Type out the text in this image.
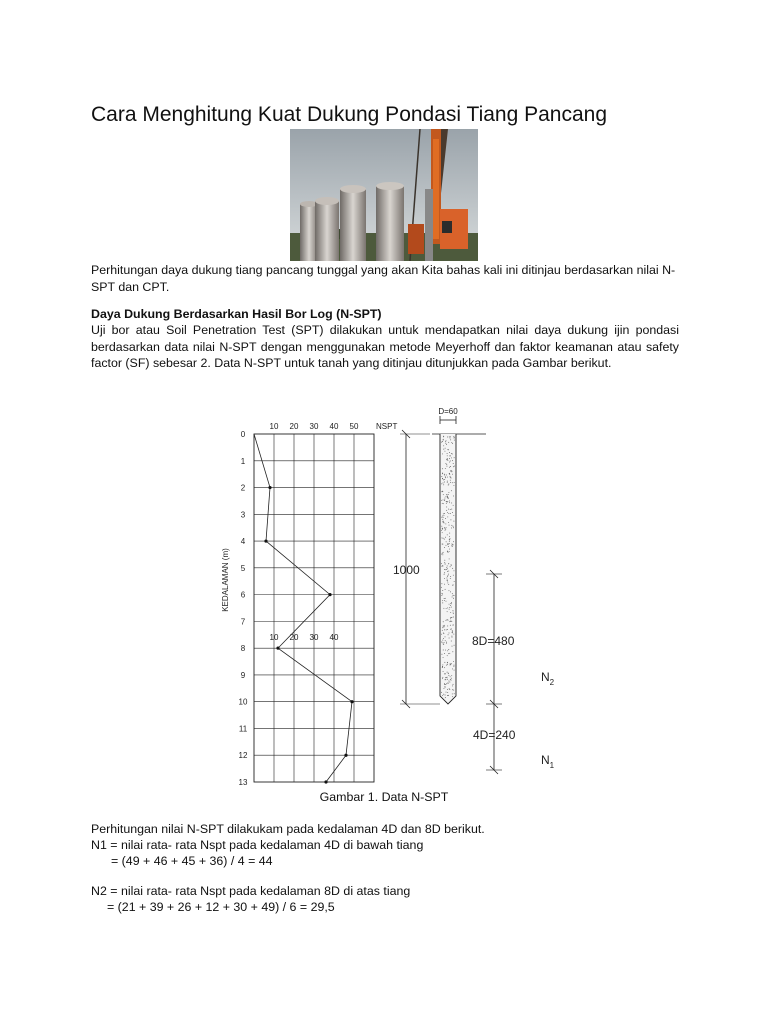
Cara Menghitung Kuat Dukung Pondasi Tiang Pancang
Perhitungan daya dukung tiang pancang tunggal yang akan Kita bahas kali ini ditinjau berdasarkan nilai N-SPT dan CPT.
Daya Dukung Berdasarkan Hasil Bor Log (N-SPT)
Uji bor atau Soil Penetration Test (SPT) dilakukan untuk mendapatkan nilai daya dukung ijin pondasi berdasarkan data nilai N-SPT dengan menggunakan metode Meyerhoff dan faktor keamanan atau safety factor (SF) sebesar 2. Data N-SPT untuk tanah yang ditinjau ditunjukkan pada Gambar berikut.
KEDALAMAN (m)
10 20 30 40 50
10 20 30 40
0
1
2
3
4
5
6
7
8
9
10
11
12
13
NSPT
D=60
1000
8D=480
4D=240
$N_2$
$N_1$
Gambar 1. Data N-SPT
Perhitungan nilai N-SPT dilakukam pada kedalaman 4D dan 8D berikut.
N1 = nilai rata- rata Nspt pada kedalaman 4D di bawah tiang
= (49 + 46 + 45 + 36) / 4 = 44
N2 = nilai rata- rata Nspt pada kedalaman 8D di atas tiang
= (21 + 39 + 26 + 12 + 30 + 49) / 6 = 29,5
